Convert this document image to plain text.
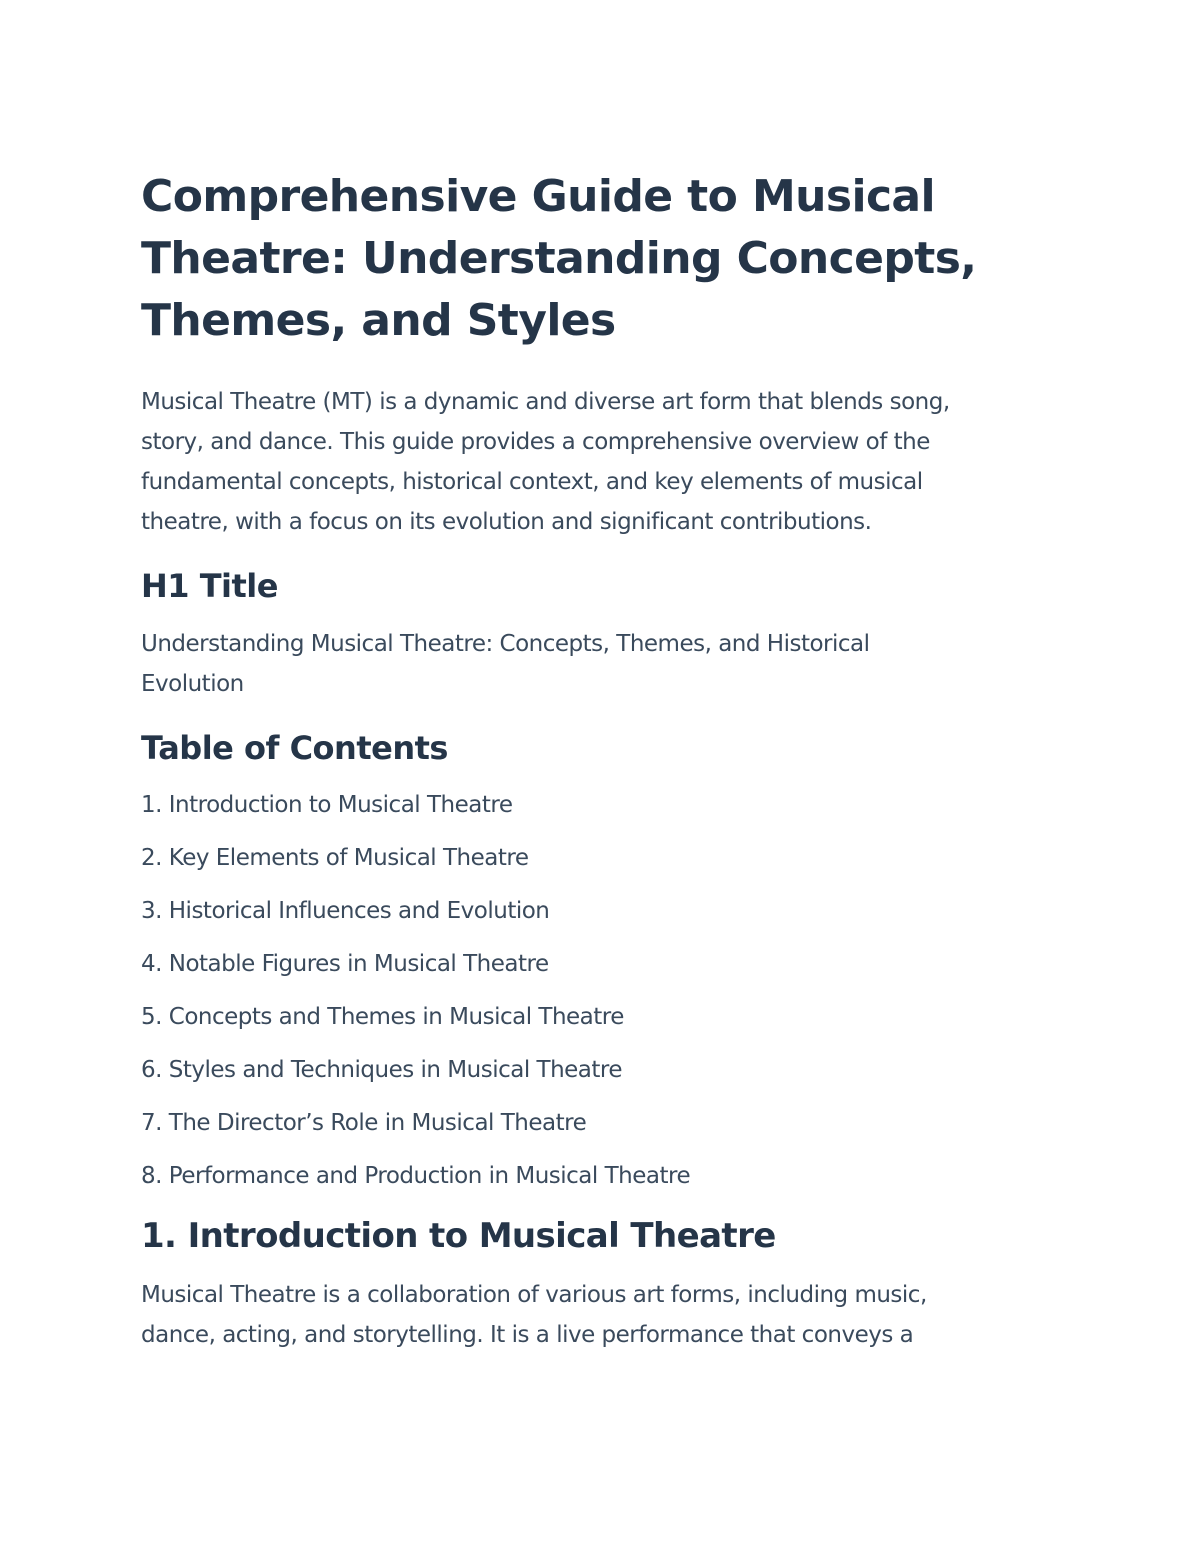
Comprehensive Guide to Musical
Theatre: Understanding Concepts,
Themes, and Styles

Musical Theatre (MT) is a dynamic and diverse art form that blends song,
story, and dance. This guide provides a comprehensive overview of the
fundamental concepts, historical context, and key elements of musical
theatre, with a focus on its evolution and significant contributions.

H1 Title

Understanding Musical Theatre: Concepts, Themes, and Historical
Evolution

Table of Contents
1. Introduction to Musical Theatre
2. Key Elements of Musical Theatre
3. Historical Influences and Evolution
4. Notable Figures in Musical Theatre
5. Concepts and Themes in Musical Theatre
6. Styles and Techniques in Musical Theatre
7. The Director’s Role in Musical Theatre
8. Performance and Production in Musical Theatre
1. Introduction to Musical Theatre

Musical Theatre is a collaboration of various art forms, including music,
dance, acting, and storytelling. It is a live performance that conveys a
